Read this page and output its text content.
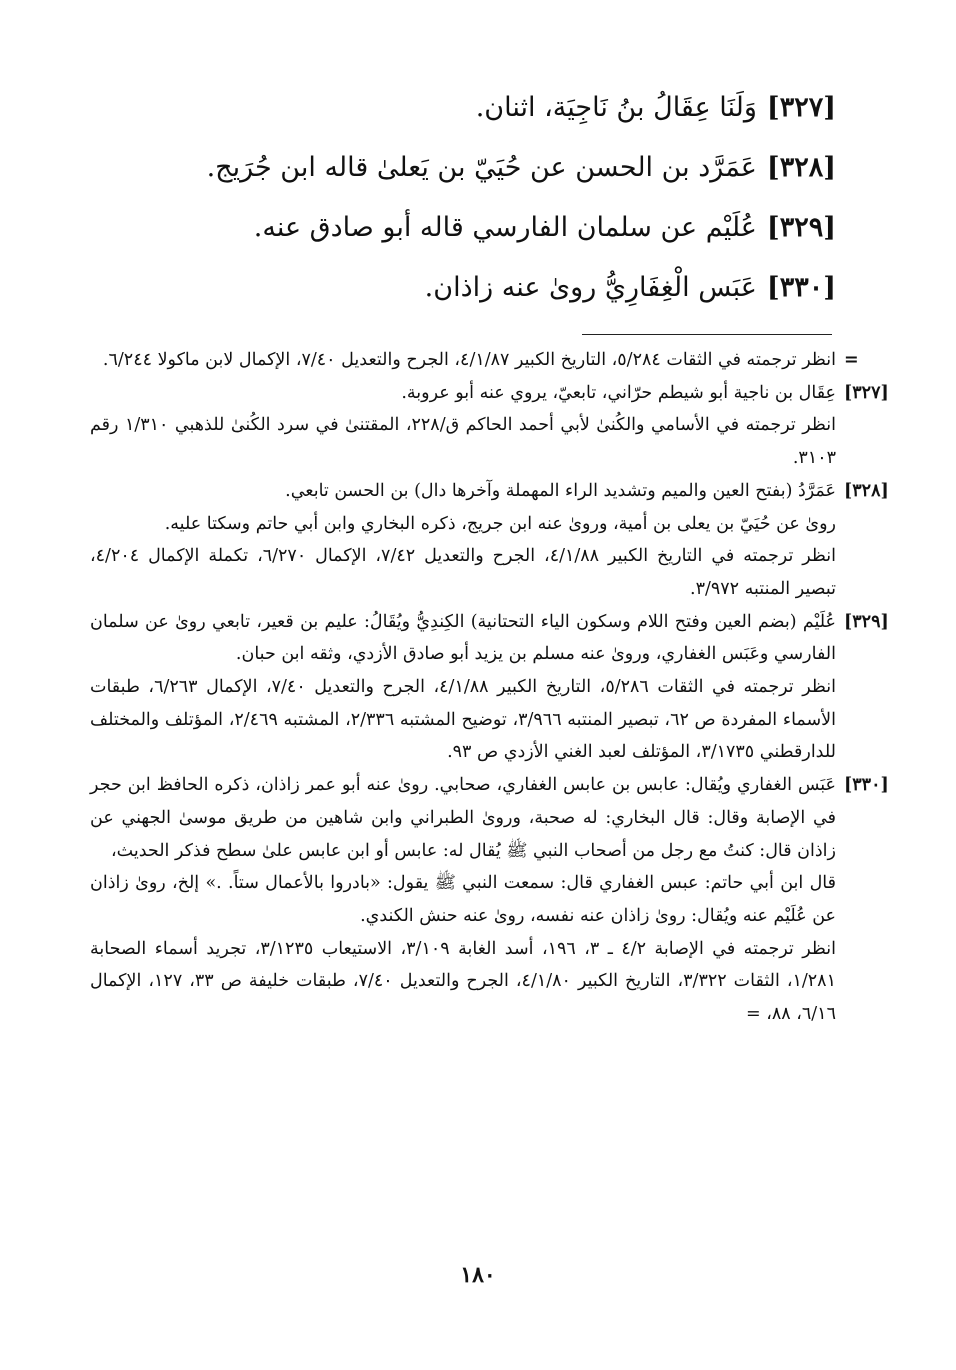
[٣٢٧]وَلَنَا عِقَالُ بنُ نَاجِيَة، اثنان.
[٣٢٨]عَمَرَّد بن الحسن عن حُيَيّ بن يَعلىٰ قاله ابن جُرَيج.
[٣٢٩]عُلَيْم عن سلمان الفارسي قاله أبو صادق عنه.
[٣٣٠]عَبَس الْغِفَارِيُّ روىٰ عنه زاذان.
=

انظر ترجمته في الثقات ٥/٢٨٤، التاريخ الكبير ٤/١/٨٧، الجرح والتعديل ٧/٤٠، الإكمال لابن ماكولا ٦/٢٤٤.

[٣٢٧]

عِقَال بن ناجية أبو شيطم حرّاني، تابعيّ، يروي عنه أبو عروبة.

انظر ترجمته في الأسامي والكُنىٰ لأبي أحمد الحاكم ق/٢٢٨، المقتنىٰ في سرد الكُنىٰ للذهبي ١/٣١٠ رقم ٣١٠٣.

[٣٢٨]

عَمَرَّدُ (بفتح العين والميم وتشديد الراء المهملة وآخرها دال) بن الحسن تابعي.

روىٰ عن حُيَيّ بن يعلى بن أمية، وروىٰ عنه ابن جريج، ذكره البخاري وابن أبي حاتم وسكتا عليه.

انظر ترجمته في التاريخ الكبير ٤/١/٨٨، الجرح والتعديل ٧/٤٢، الإكمال ٦/٢٧٠، تكملة الإكمال ٤/٢٠٤، تبصير المنتبه ٣/٩٧٢.

[٣٢٩]

عُلَيْم (بضم العين وفتح اللام وسكون الياء التحتانية) الكِندِيُّ ويُقَالُ: عليم بن قعير، تابعي روىٰ عن سلمان الفارسي وعَبَس الغفاري، وروىٰ عنه مسلم بن يزيد أبو صادق الأزدي، وثقه ابن حبان.

انظر ترجمته في الثقات ٥/٢٨٦، التاريخ الكبير ٤/١/٨٨، الجرح والتعديل ٧/٤٠، الإكمال ٦/٢٦٣، طبقات الأسماء المفردة ص ٦٢، تبصير المنتبه ٣/٩٦٦، توضيح المشتبه ٢/٣٣٦، المشتبه ٢/٤٦٩، المؤتلف والمختلف للدارقطني ٣/١٧٣٥، المؤتلف لعبد الغني الأزدي ص ٩٣.

[٣٣٠]

عَبَس الغفاري ويُقال: عابس بن عابس الغفاري، صحابي. روىٰ عنه أبو عمر زاذان، ذكره الحافظ ابن حجر في الإصابة وقال: قال البخاري: له صحبة، وروىٰ الطبراني وابن شاهين من طريق موسىٰ الجهني عن زاذان قال: كنتُ مع رجل من أصحاب النبي ﷺ يُقال له: عابس أو ابن عابس علىٰ سطح فذكر الحديث،

قال ابن أبي حاتم: عبس الغفاري قال: سمعت النبي ﷺ يقول: «بادروا بالأعمال ستاً. .» إلخ، روىٰ زاذان عن عُلَيْم عنه ويُقال: روىٰ زاذان عنه نفسه، روىٰ عنه حنش الكندي.

انظر ترجمته في الإصابة ٤/٢ ـ ٣، ١٩٦، أسد الغابة ٣/١٠٩، الاستيعاب ٣/١٢٣٥، تجريد أسماء الصحابة ١/٢٨١، الثقات ٣/٣٢٢، التاريخ الكبير ٤/١/٨٠، الجرح والتعديل ٧/٤٠، طبقات خليفة ص ٣٣، ١٢٧، الإكمال ٦/١٦، ٨٨، =

١٨٠
